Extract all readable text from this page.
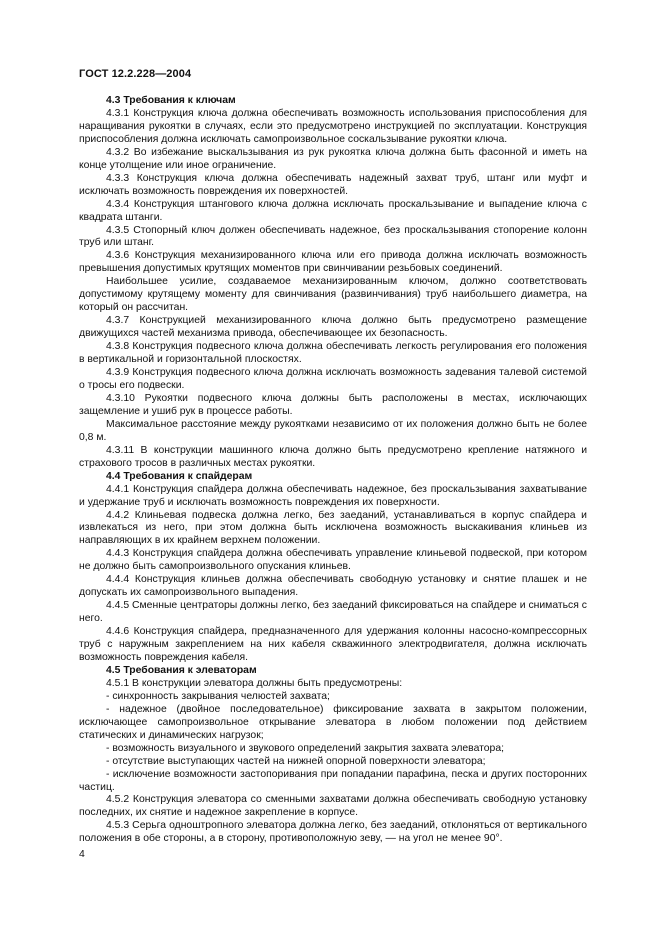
ГОСТ 12.2.228—2004

4.3 Требования к ключам

4.3.1 Конструкция ключа должна обеспечивать возможность использования приспособления для наращивания рукоятки в случаях, если это предусмотрено инструкцией по эксплуатации. Конструкция приспособления должна исключать самопроизвольное соскальзывание рукоятки ключа.

4.3.2 Во избежание выскальзывания из рук рукоятка ключа должна быть фасонной и иметь на конце утолщение или иное ограничение.

4.3.3 Конструкция ключа должна обеспечивать надежный захват труб, штанг или муфт и исключать возможность повреждения их поверхностей.

4.3.4 Конструкция штангового ключа должна исключать проскальзывание и выпадение ключа с квадрата штанги.

4.3.5 Стопорный ключ должен обеспечивать надежное, без проскальзывания стопорение колонн труб или штанг.

4.3.6 Конструкция механизированного ключа или его привода должна исключать возможность превышения допустимых крутящих моментов при свинчивании резьбовых соединений.

Наибольшее усилие, создаваемое механизированным ключом, должно соответствовать допустимому крутящему моменту для свинчивания (развинчивания) труб наибольшего диаметра, на который он рассчитан.

4.3.7 Конструкцией механизированного ключа должно быть предусмотрено размещение движущихся частей механизма привода, обеспечивающее их безопасность.

4.3.8 Конструкция подвесного ключа должна обеспечивать легкость регулирования его положения в вертикальной и горизонтальной плоскостях.

4.3.9 Конструкция подвесного ключа должна исключать возможность задевания талевой системой о тросы его подвески.

4.3.10 Рукоятки подвесного ключа должны быть расположены в местах, исключающих защемление и ушиб рук в процессе работы.

Максимальное расстояние между рукоятками независимо от их положения должно быть не более 0,8 м.

4.3.11 В конструкции машинного ключа должно быть предусмотрено крепление натяжного и страхового тросов в различных местах рукоятки.

4.4 Требования к спайдерам

4.4.1 Конструкция спайдера должна обеспечивать надежное, без проскальзывания захватывание и удержание труб и исключать возможность повреждения их поверхности.

4.4.2 Клиньевая подвеска должна легко, без заеданий, устанавливаться в корпус спайдера и извлекаться из него, при этом должна быть исключена возможность выскакивания клиньев из направляющих в их крайнем верхнем положении.

4.4.3 Конструкция спайдера должна обеспечивать управление клиньевой подвеской, при котором не должно быть самопроизвольного опускания клиньев.

4.4.4 Конструкция клиньев должна обеспечивать свободную установку и снятие плашек и не допускать их самопроизвольного выпадения.

4.4.5 Сменные центраторы должны легко, без заеданий фиксироваться на спайдере и сниматься с него.

4.4.6 Конструкция спайдера, предназначенного для удержания колонны насосно-компрессорных труб с наружным закреплением на них кабеля скважинного электродвигателя, должна исключать возможность повреждения кабеля.

4.5 Требования к элеваторам

4.5.1 В конструкции элеватора должны быть предусмотрены:

- синхронность закрывания челюстей захвата;

- надежное (двойное последовательное) фиксирование захвата в закрытом положении, исключающее самопроизвольное открывание элеватора в любом положении под действием статических и динамических нагрузок;

- возможность визуального и звукового определений закрытия захвата элеватора;

- отсутствие выступающих частей на нижней опорной поверхности элеватора;

- исключение возможности застопоривания при попадании парафина, песка и других посторонних частиц.

4.5.2 Конструкция элеватора со сменными захватами должна обеспечивать свободную установку последних, их снятие и надежное закрепление в корпусе.

4.5.3 Серьга одноштропного элеватора должна легко, без заеданий, отклоняться от вертикального положения в обе стороны, а в сторону, противоположную зеву, — на угол не менее 90°.

4
